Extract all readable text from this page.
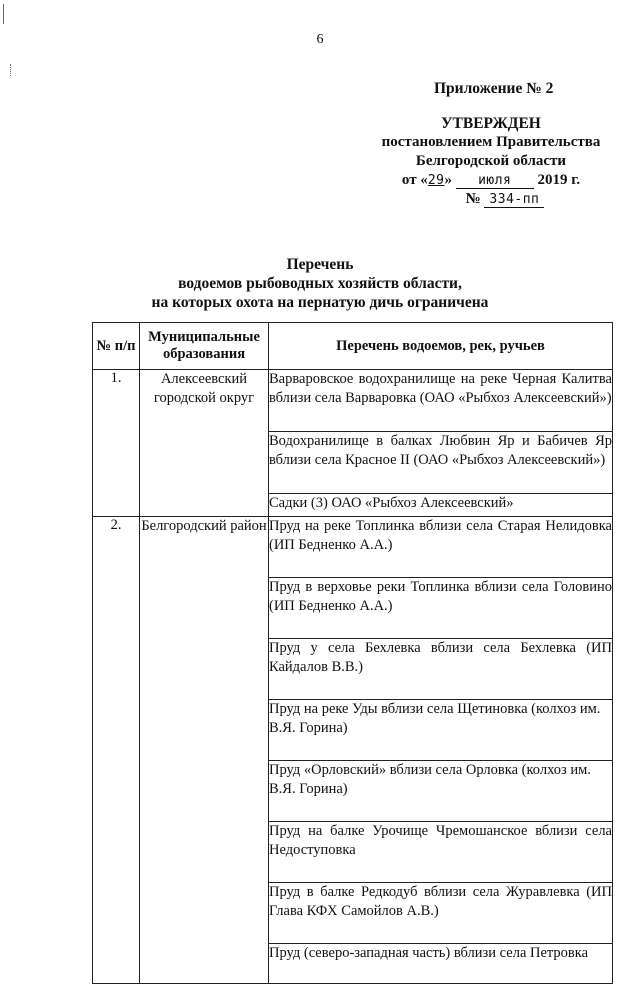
6
Приложение № 2
УТВЕРЖДЕН
постановлением Правительства
Белгородской области
от «29» июля 2019 г.
№ 334-пп
Перечень
водоемов рыбоводных хозяйств области,
на которых охота на пернатую дичь ограничена
№ п/п	Муниципальные образования	Перечень водоемов, рек, ручьев
1.	Алексеевский городской округ	Варваровское водохранилище на реке Черная Калитва вблизи села Варваровка (ОАО «Рыбхоз Алексеевский»)
		Водохранилище в балках Любвин Яр и Бабичев Яр вблизи села Красное II (ОАО «Рыбхоз Алексеевский»)
		Садки (3) ОАО «Рыбхоз Алексеевский»
2.	Белгородский район	Пруд на реке Топлинка вблизи села Старая Нелидовка (ИП Бедненко А.А.)
		Пруд в верховье реки Топлинка вблизи села Головино (ИП Бедненко А.А.)
		Пруд у села Бехлевка вблизи села Бехлевка (ИП Кайдалов В.В.)
		Пруд на реке Уды вблизи села Щетиновка (колхоз им. В.Я. Горина)
		Пруд «Орловский» вблизи села Орловка (колхоз им. В.Я. Горина)
		Пруд на балке Урочище Чремошанское вблизи села Недоступовка
		Пруд в балке Редкодуб вблизи села Журавлевка (ИП Глава КФХ Самойлов А.В.)
		Пруд (северо-западная часть) вблизи села Петровка
